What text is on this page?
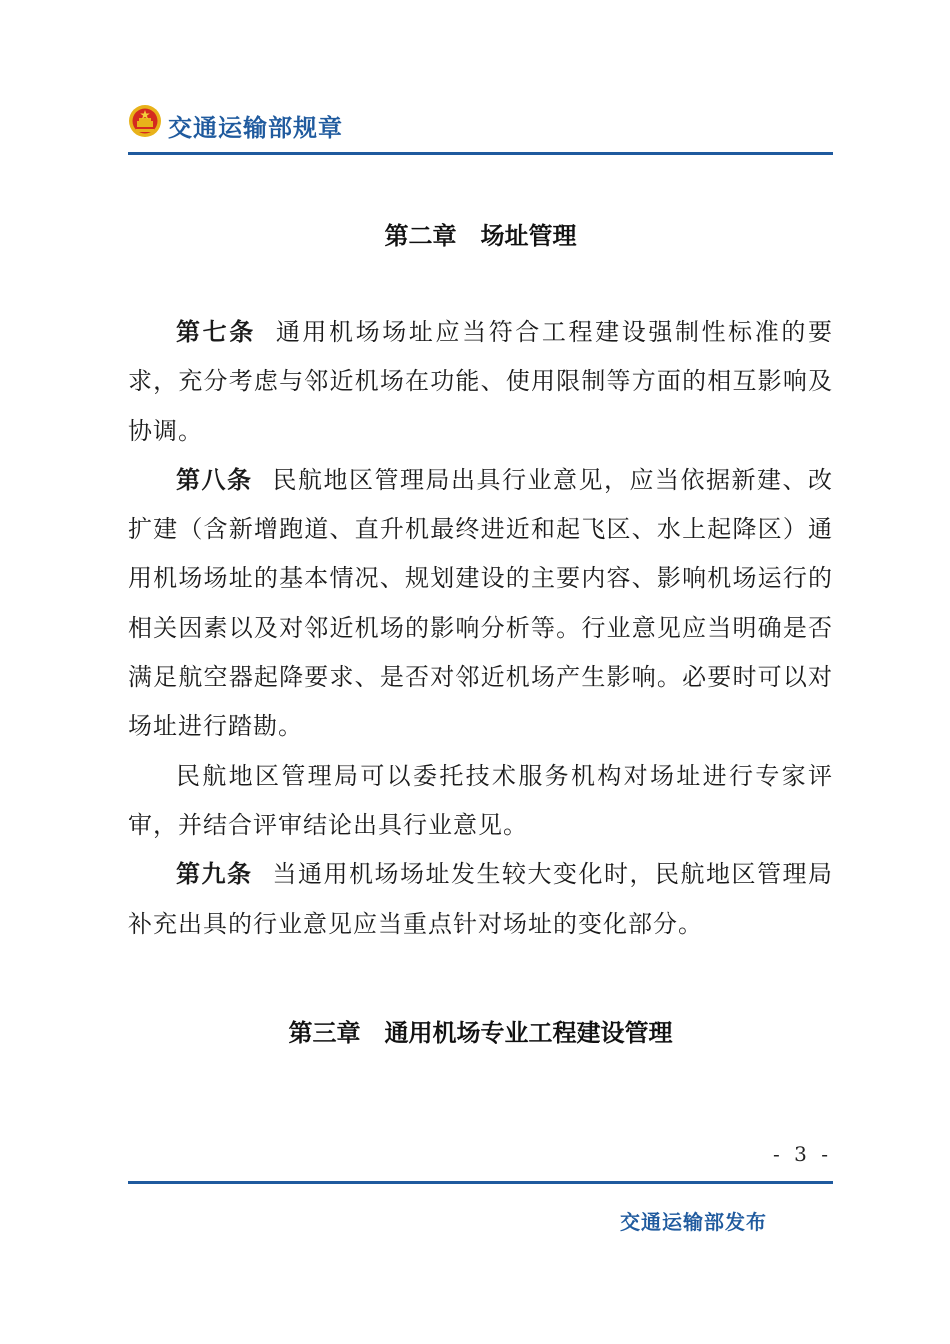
交通运输部规章
第二章 场址管理

第七条 通用机场场址应当符合工程建设强制性标准的要求，充分考虑与邻近机场在功能、使用限制等方面的相互影响及协调。

第八条 民航地区管理局出具行业意见，应当依据新建、改扩建（含新增跑道、直升机最终进近和起飞区、水上起降区）通用机场场址的基本情况、规划建设的主要内容、影响机场运行的相关因素以及对邻近机场的影响分析等。行业意见应当明确是否满足航空器起降要求、是否对邻近机场产生影响。必要时可以对场址进行踏勘。

民航地区管理局可以委托技术服务机构对场址进行专家评审，并结合评审结论出具行业意见。

第九条 当通用机场场址发生较大变化时，民航地区管理局补充出具的行业意见应当重点针对场址的变化部分。

第三章 通用机场专业工程建设管理
- 3 -
交通运输部发布
